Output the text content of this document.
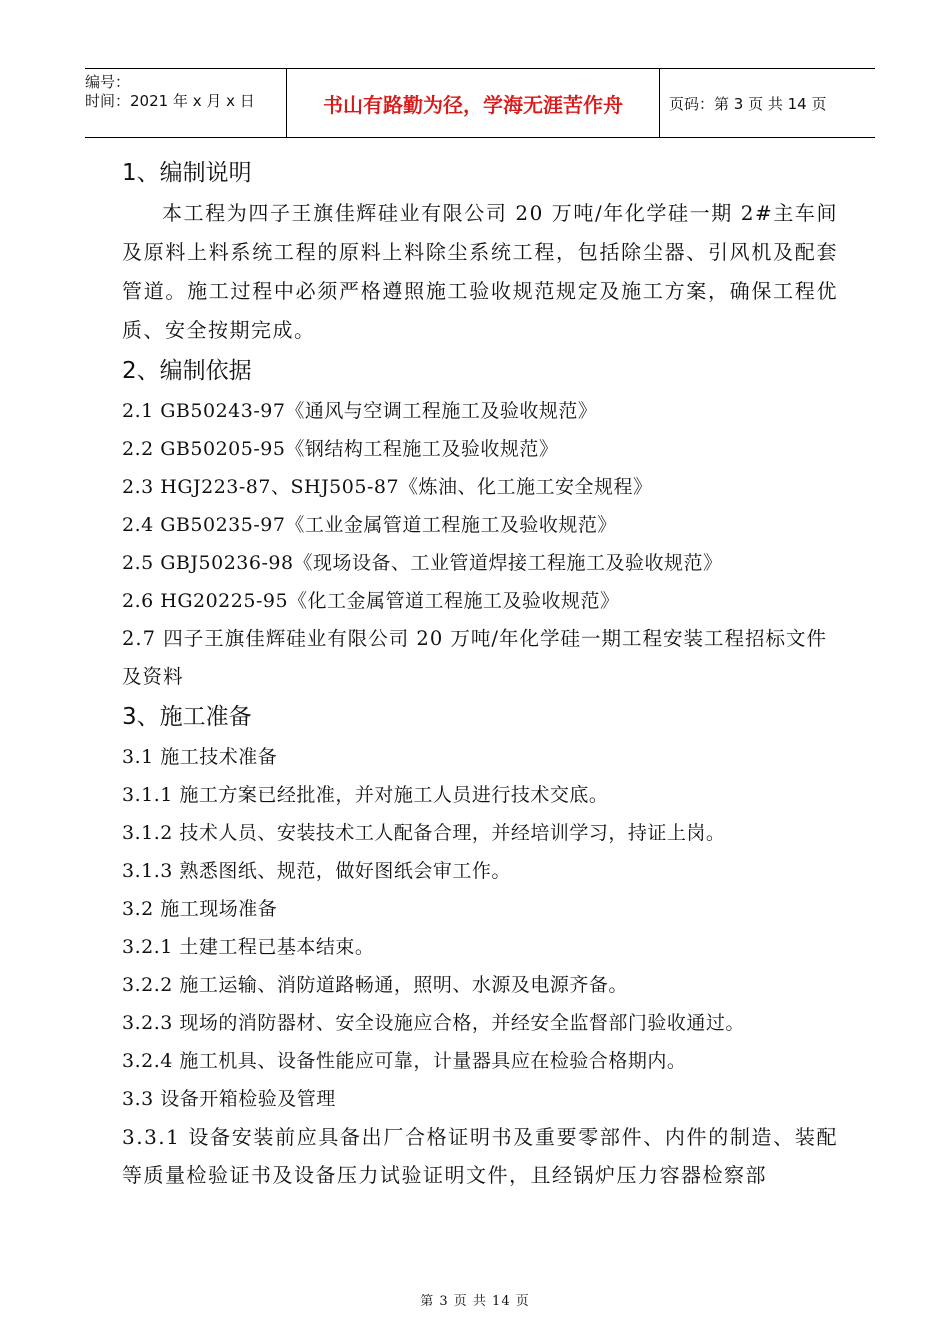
编号：
时间：2021 年 x 月 x 日	书山有路勤为径，学海无涯苦作舟	页码：第 3 页 共 14 页
1、编制说明

本工程为四子王旗佳辉硅业有限公司 20 万吨/年化学硅一期 2#主车间及原料上料系统工程的原料上料除尘系统工程，包括除尘器、引风机及配套管道。施工过程中必须严格遵照施工验收规范规定及施工方案，确保工程优质、安全按期完成。

2、编制依据

2.1 GB50243-97《通风与空调工程施工及验收规范》

2.2 GB50205-95《钢结构工程施工及验收规范》

2.3 HGJ223-87、SHJ505-87《炼油、化工施工安全规程》

2.4 GB50235-97《工业金属管道工程施工及验收规范》

2.5 GBJ50236-98《现场设备、工业管道焊接工程施工及验收规范》

2.6 HG20225-95《化工金属管道工程施工及验收规范》

2.7 四子王旗佳辉硅业有限公司 20 万吨/年化学硅一期工程安装工程招标文件及资料

3、施工准备

3.1 施工技术准备

3.1.1 施工方案已经批准，并对施工人员进行技术交底。

3.1.2 技术人员、安装技术工人配备合理，并经培训学习，持证上岗。

3.1.3 熟悉图纸、规范，做好图纸会审工作。

3.2 施工现场准备

3.2.1 土建工程已基本结束。

3.2.2 施工运输、消防道路畅通，照明、水源及电源齐备。

3.2.3 现场的消防器材、安全设施应合格，并经安全监督部门验收通过。

3.2.4 施工机具、设备性能应可靠，计量器具应在检验合格期内。

3.3 设备开箱检验及管理

3.3.1 设备安装前应具备出厂合格证明书及重要零部件、内件的制造、装配等质量检验证书及设备压力试验证明文件，且经锅炉压力容器检察部

第 3 页 共 14 页
